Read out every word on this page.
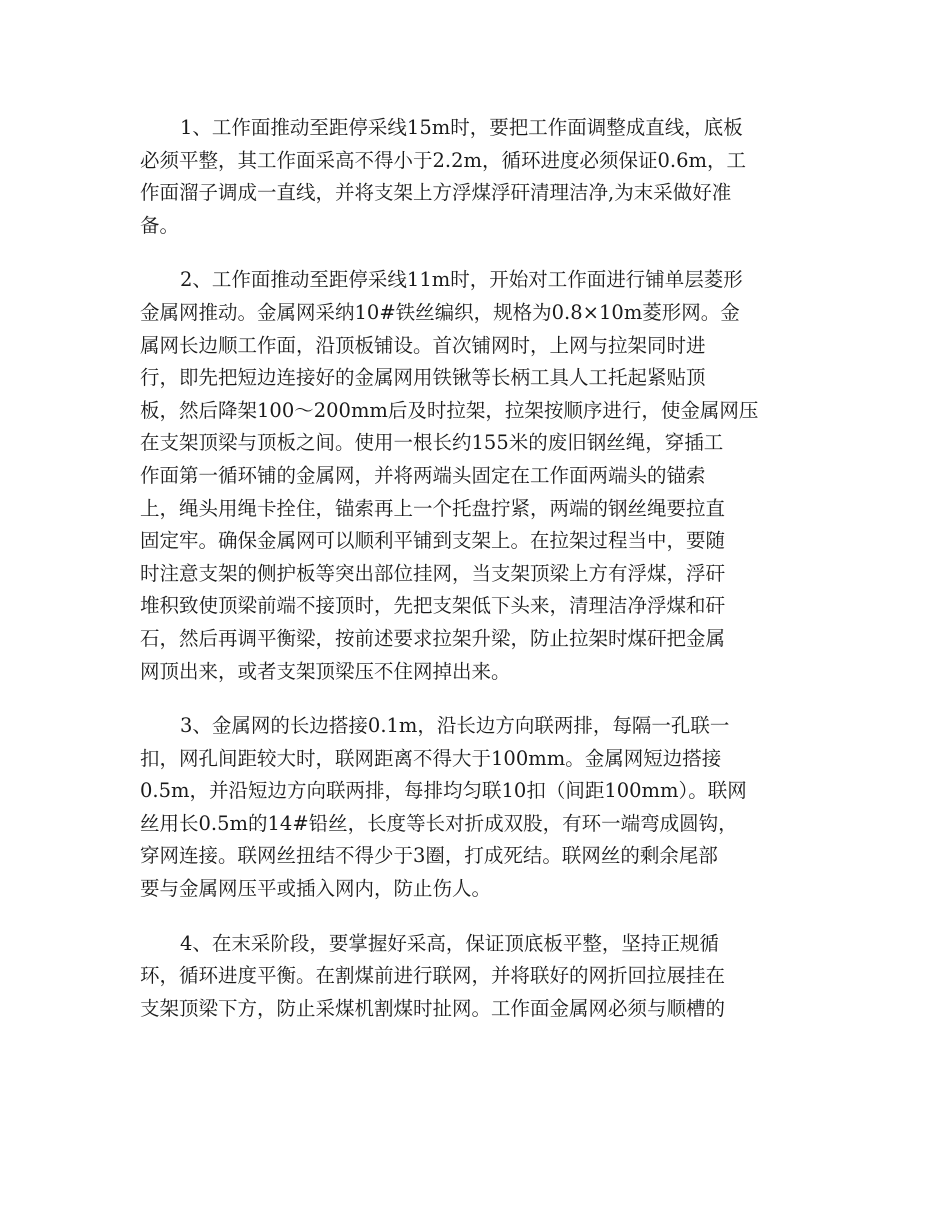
1、工作面推动至距停采线15m时，要把工作面调整成直线，底板
必须平整，其工作面采高不得小于2.2m，循环进度必须保证0.6m，工
作面溜子调成一直线，并将支架上方浮煤浮矸清理洁净,为末采做好准
备。
2、工作面推动至距停采线11m时，开始对工作面进行铺单层菱形
金属网推动。金属网采纳10#铁丝编织，规格为0.8×10m菱形网。金
属网长边顺工作面，沿顶板铺设。首次铺网时，上网与拉架同时进
行，即先把短边连接好的金属网用铁锹等长柄工具人工托起紧贴顶
板，然后降架100～200mm后及时拉架，拉架按顺序进行，使金属网压
在支架顶梁与顶板之间。使用一根长约155米的废旧钢丝绳，穿插工
作面第一循环铺的金属网，并将两端头固定在工作面两端头的锚索
上，绳头用绳卡拴住，锚索再上一个托盘拧紧，两端的钢丝绳要拉直
固定牢。确保金属网可以顺利平铺到支架上。在拉架过程当中，要随
时注意支架的侧护板等突出部位挂网，当支架顶梁上方有浮煤，浮矸
堆积致使顶梁前端不接顶时，先把支架低下头来，清理洁净浮煤和矸
石，然后再调平衡梁，按前述要求拉架升梁，防止拉架时煤矸把金属
网顶出来，或者支架顶梁压不住网掉出来。
3、金属网的长边搭接0.1m，沿长边方向联两排，每隔一孔联一
扣，网孔间距较大时，联网距离不得大于100mm。金属网短边搭接
0.5m，并沿短边方向联两排，每排均匀联10扣（间距100mm）。联网
丝用长0.5m的14#铅丝，长度等长对折成双股，有环一端弯成圆钩，
穿网连接。联网丝扭结不得少于3圈，打成死结。联网丝的剩余尾部
要与金属网压平或插入网内，防止伤人。
4、在末采阶段，要掌握好采高，保证顶底板平整，坚持正规循
环，循环进度平衡。在割煤前进行联网，并将联好的网折回拉展挂在
支架顶梁下方，防止采煤机割煤时扯网。工作面金属网必须与顺槽的
